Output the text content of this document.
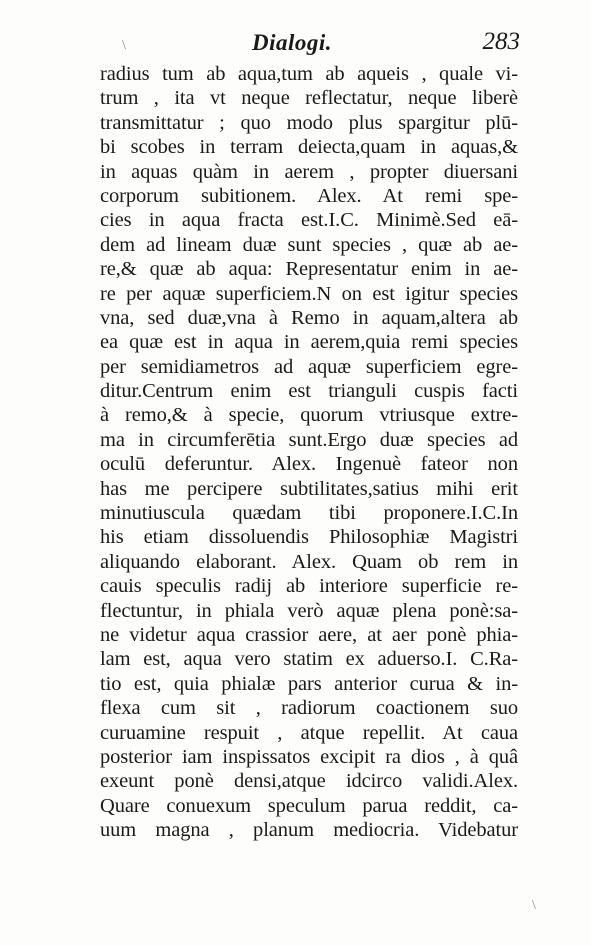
\	Dialogi.	283
radius tum ab aqua,tum ab aqueis , quale vi-
trum , ita vt neque reflectatur, neque liberè
transmittatur ; quo modo plus spargitur plū-
bi scobes in terram deiecta,quam in aquas,&
in aquas quàm in aerem , propter diuersani
corporum subitionem. Alex. At remi spe-
cies in aqua fracta est.I.C. Minimè.Sed eā-
dem ad lineam duæ sunt species , quæ ab ae-
re,& quæ ab aqua: Representatur enim in ae-
re per aquæ superficiem.N on est igitur species
vna, sed duæ,vna à Remo in aquam,altera ab
ea quæ est in aqua in aerem,quia remi species
per semidiametros ad aquæ superficiem egre-
ditur.Centrum enim est trianguli cuspis facti
à remo,& à specie, quorum vtriusque extre-
ma in circumferētia sunt.Ergo duæ species ad
oculū deferuntur. Alex. Ingenuè fateor non
has me percipere subtilitates,satius mihi erit
minutiuscula quædam tibi proponere.I.C.In
his etiam dissoluendis Philosophiæ Magistri
aliquando elaborant. Alex. Quam ob rem in
cauis speculis radij ab interiore superficie re-
flectuntur, in phiala verò aquæ plena ponè:sa-
ne videtur aqua crassior aere, at aer ponè phia-
lam est, aqua vero statim ex aduerso.I. C.Ra-
tio est, quia phialæ pars anterior curua & in-
flexa cum sit , radiorum coactionem suo
curuamine respuit , atque repellit. At caua
posterior iam inspissatos excipit ra dios , à quâ
exeunt ponè densi,atque idcirco validi.Alex.
Quare conuexum speculum parua reddit, ca-
uum magna , planum mediocria. Videbatur
\
